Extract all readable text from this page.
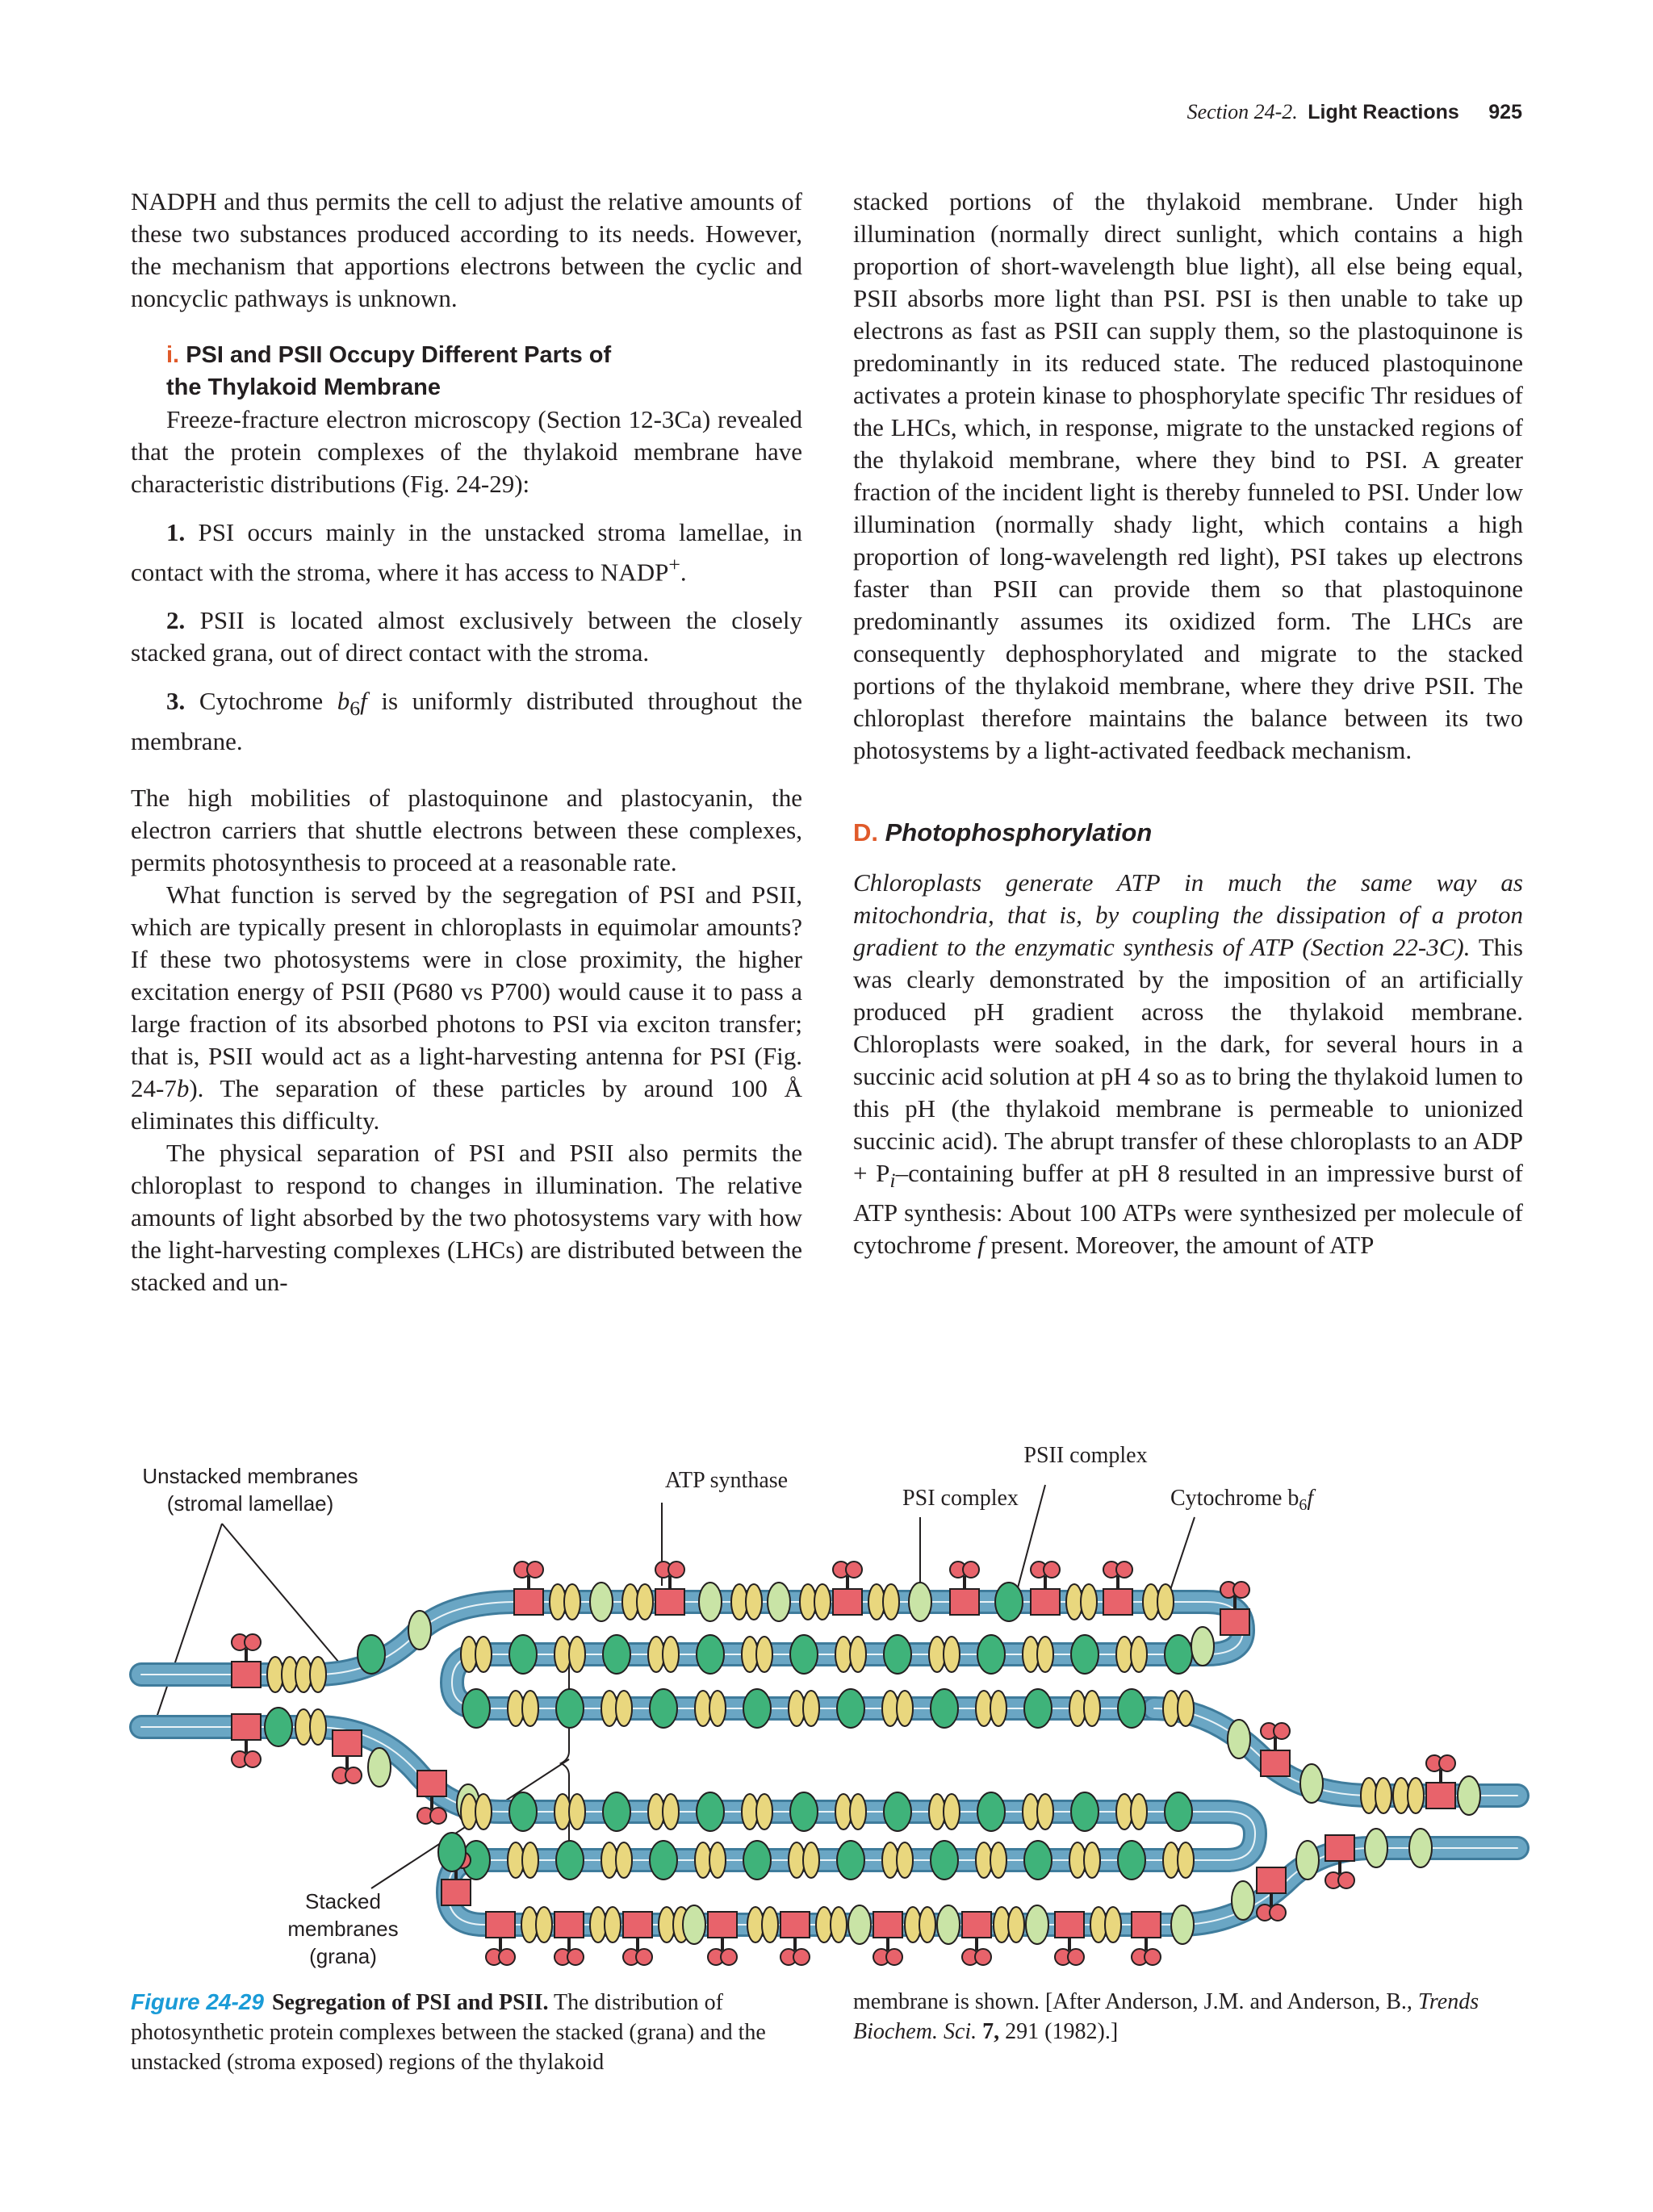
Section 24-2. Light Reactions 925

NADPH and thus permits the cell to adjust the relative amounts of these two substances produced according to its needs. However, the mechanism that apportions electrons between the cyclic and noncyclic pathways is unknown.

i. PSI and PSII Occupy Different Parts of
the Thylakoid Membrane

Freeze-fracture electron microscopy (Section 12-3Ca) revealed that the protein complexes of the thylakoid membrane have characteristic distributions (Fig. 24-29):

1. PSI occurs mainly in the unstacked stroma lamellae, in contact with the stroma, where it has access to NADP+.

2. PSII is located almost exclusively between the closely stacked grana, out of direct contact with the stroma.

3. Cytochrome $b_6f$ is uniformly distributed throughout the membrane.

The high mobilities of plastoquinone and plastocyanin, the electron carriers that shuttle electrons between these complexes, permits photosynthesis to proceed at a reasonable rate.

What function is served by the segregation of PSI and PSII, which are typically present in chloroplasts in equimolar amounts? If these two photosystems were in close proximity, the higher excitation energy of PSII (P680 vs P700) would cause it to pass a large fraction of its absorbed photons to PSI via exciton transfer; that is, PSII would act as a light-harvesting antenna for PSI (Fig. 24-7b). The separation of these particles by around 100 Å eliminates this difficulty.

The physical separation of PSI and PSII also permits the chloroplast to respond to changes in illumination. The relative amounts of light absorbed by the two photosystems vary with how the light-harvesting complexes (LHCs) are distributed between the stacked and un-

stacked portions of the thylakoid membrane. Under high illumination (normally direct sunlight, which contains a high proportion of short-wavelength blue light), all else being equal, PSII absorbs more light than PSI. PSI is then unable to take up electrons as fast as PSII can supply them, so the plastoquinone is predominantly in its reduced state. The reduced plastoquinone activates a protein kinase to phosphorylate specific Thr residues of the LHCs, which, in response, migrate to the unstacked regions of the thylakoid membrane, where they bind to PSI. A greater fraction of the incident light is thereby funneled to PSI. Under low illumination (normally shady light, which contains a high proportion of long-wavelength red light), PSI takes up electrons faster than PSII can provide them so that plastoquinone predominantly assumes its oxidized form. The LHCs are consequently dephosphorylated and migrate to the stacked portions of the thylakoid membrane, where they drive PSII. The chloroplast therefore maintains the balance between its two photosystems by a light-activated feedback mechanism.

D. Photophosphorylation

Chloroplasts generate ATP in much the same way as mitochondria, that is, by coupling the dissipation of a proton gradient to the enzymatic synthesis of ATP (Section 22-3C). This was clearly demonstrated by the imposition of an artificially produced pH gradient across the thylakoid membrane. Chloroplasts were soaked, in the dark, for several hours in a succinic acid solution at pH 4 so as to bring the thylakoid lumen to this pH (the thylakoid membrane is permeable to unionized succinic acid). The abrupt transfer of these chloroplasts to an ADP + $P_i$–containing buffer at pH 8 resulted in an impressive burst of ATP synthesis: About 100 ATPs were synthesized per molecule of cytochrome f present. Moreover, the amount of ATP

Unstacked membranes
(stromal lamellae)
ATP synthase
PSII complex
PSI complex	Cytochrome $b_6f$
Stacked
membranes
(grana)
Figure 24-29 Segregation of PSI and PSII. The distribution of photosynthetic protein complexes between the stacked (grana) and the unstacked (stroma exposed) regions of the thylakoid
membrane is shown. [After Anderson, J.M. and Anderson, B., Trends Biochem. Sci. 7, 291 (1982).]
